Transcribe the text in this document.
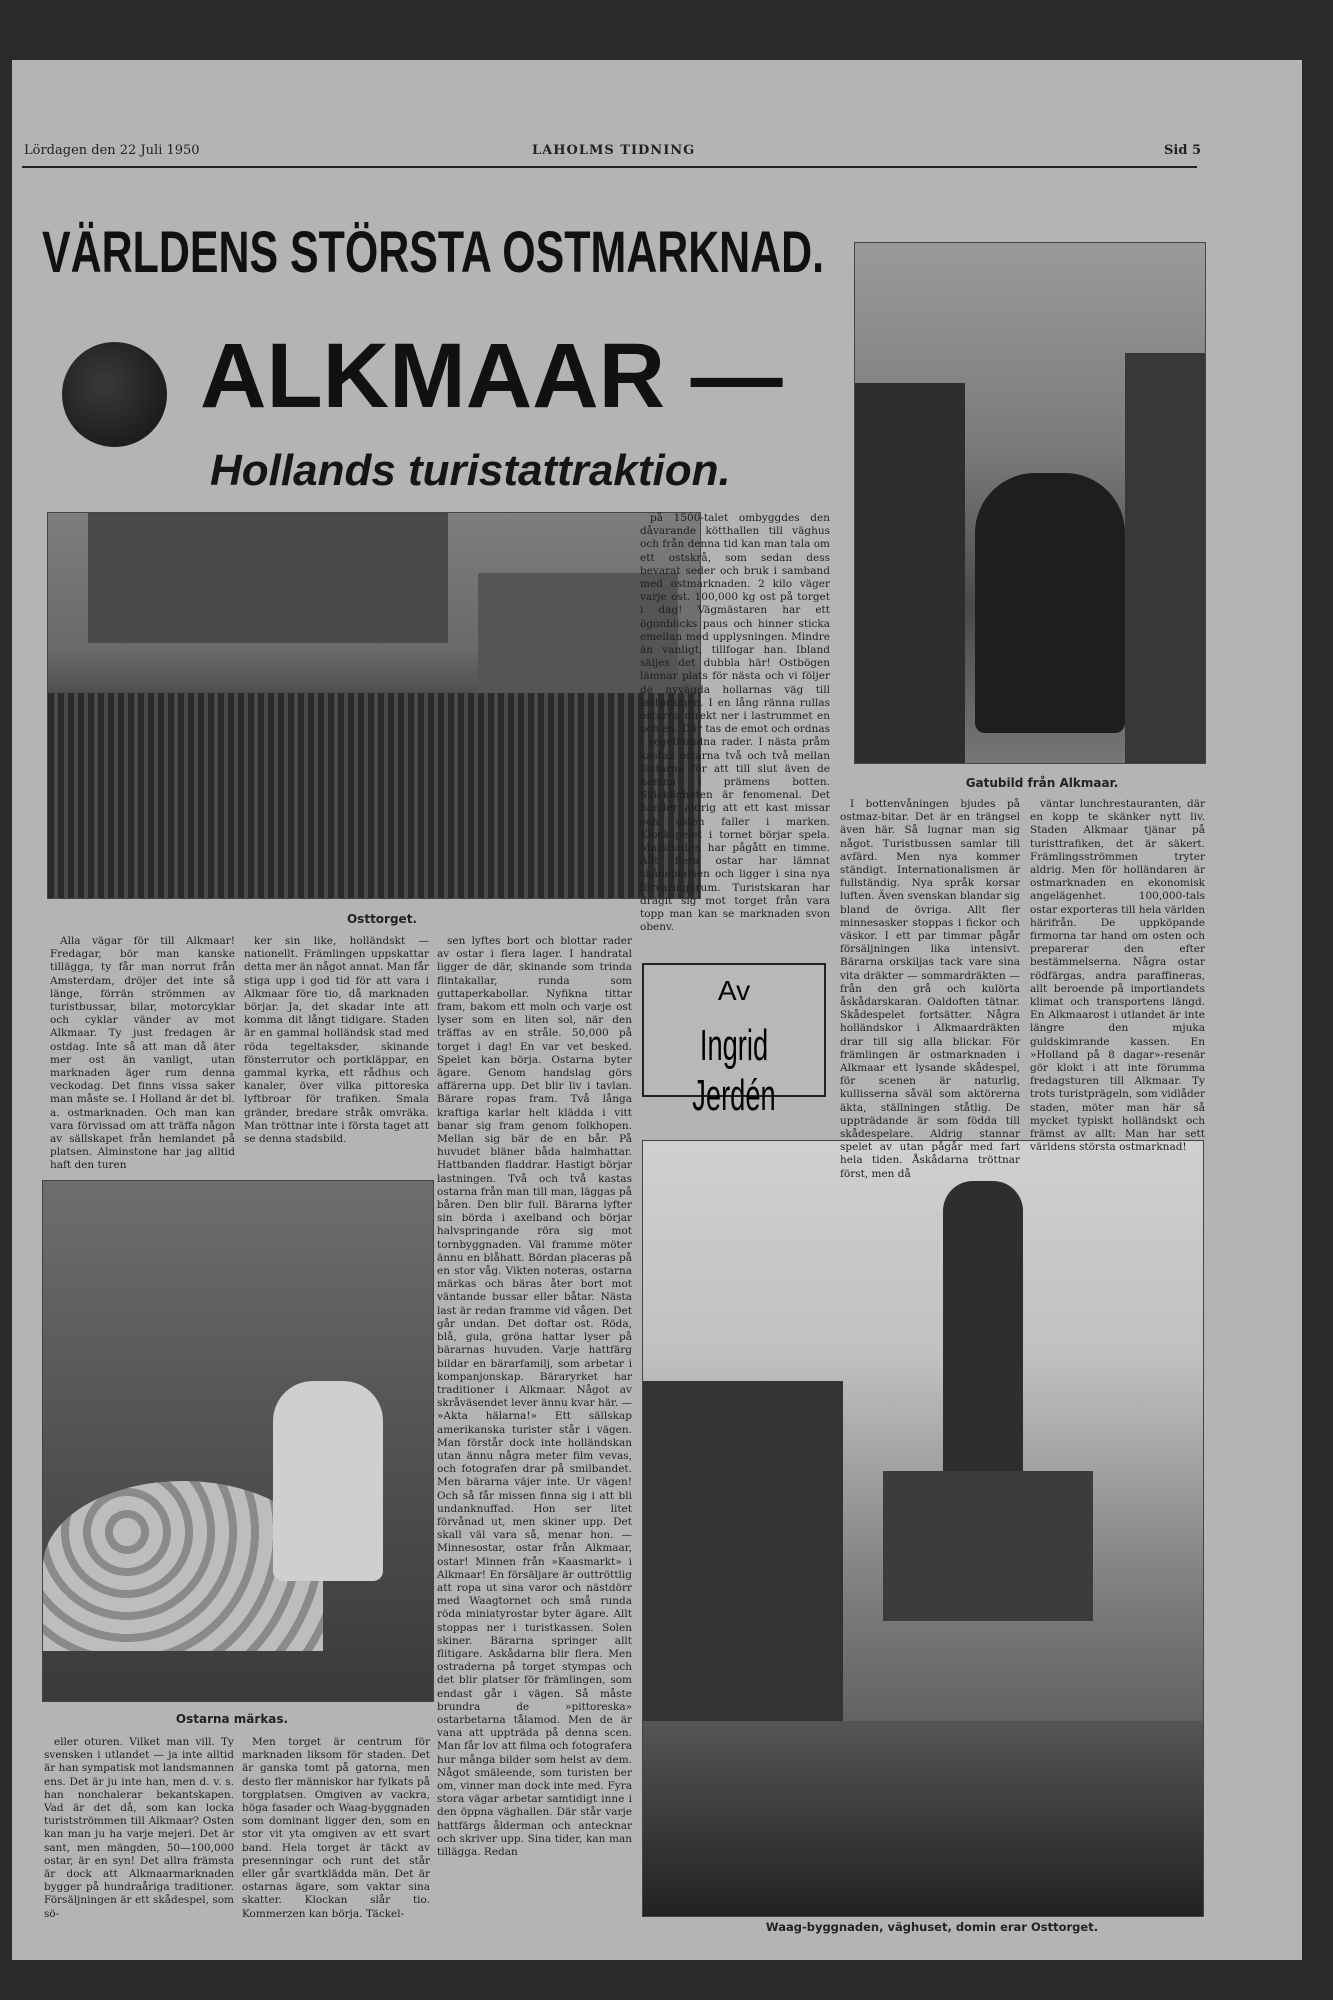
Lördagen den 22 Juli 1950	LAHOLMS TIDNING	Sid 5
VÄRLDENS STÖRSTA OSTMARKNAD.
ALKMAAR —
Hollands turistattraktion.
Osttorget.
Gatubild från Alkmaar.
Av
Ingrid Jerdén
Ostarna märkas.
Waag-byggnaden, väghuset, domin erar Osttorget.

Alla vägar för till Alkmaar! Fredagar, bör man kanske tillägga, ty får man norrut från Amsterdam, dröjer det inte så länge, förrän strömmen av turistbussar, bilar, motorcyklar och cyklar vänder av mot Alkmaar. Ty just fredagen är ostdag. Inte så att man då äter mer ost än vanligt, utan marknaden äger rum denna veckodag. Det finns vissa saker man måste se. I Holland är det bl. a. ostmarknaden. Och man kan vara förvissad om att träffa någon av sällskapet från hemlandet på platsen. Alminstone har jag alltid haft den turen

ker sin like, holländskt — nationellt. Främlingen uppskattar detta mer än något annat. Man får stiga upp i god tid för att vara i Alkmaar före tio, då marknaden börjar. Ja, det skadar inte att komma dit långt tidigare. Staden är en gammal holländsk stad med röda tegeltaksder, skinande fönsterrutor och portkläppar, en gammal kyrka, ett rådhus och kanaler, över vilka pittoreska lyftbroar för trafiken. Smala gränder, bredare stråk omvräka. Man tröttnar inte i första taget att se denna stadsbild.

sen lyftes bort och blottar rader av ostar i flera lager. I handratal ligger de där, skinande som trinda flintakallar, runda som guttaperkabollar. Nyfikna tittar fram, bakom ett moln och varje ost lyser som en liten sol, när den träffas av en stråle. 50,000 på torget i dag! En var vet besked. Spelet kan börja. Ostarna byter ägare. Genom handslag görs affärerna upp. Det blir liv i tavlan. Bärare ropas fram. Två långa kraftiga karlar helt klädda i vitt banar sig fram genom folkhopen. Mellan sig bär de en bår. På huvudet bläner båda halmhattar. Hattbanden fladdrar. Hastigt börjar lastningen. Två och två kastas ostarna från man till man, läggas på båren. Den blir full. Bärarna lyfter sin börda i axelband och börjar halvspringande röra sig mot tornbyggnaden. Väl framme möter ännu en blåhatt. Bördan placeras på en stor våg. Vikten noteras, ostarna märkas och bäras åter bort mot väntande bussar eller båtar. Nästa last är redan framme vid vågen. Det går undan. Det doftar ost. Röda, blå, gula, gröna hattar lyser på bärarnas huvuden. Varje hattfärg bildar en bärarfamilj, som arbetar i kompanjonskap. Bäraryrket har traditioner i Alkmaar. Något av skråväsendet lever ännu kvar här. — »Akta hälarna!» Ett sällskap amerikanska turister står i vägen. Man förstår dock inte holländskan utan ännu några meter film vevas, och fotografen drar på smilbandet. Men bärarna väjer inte. Ur vägen! Och så får missen finna sig i att bli undanknuffad. Hon ser litet förvånad ut, men skiner upp. Det skall väl vara så, menar hon. — Minnesostar, ostar från Alkmaar, ostar! Minnen från »Kaasmarkt» i Alkmaar! En försäljare är outtröttlig att ropa ut sina varor och nästdörr med Waagtornet och små runda röda miniatyrostar byter ägare. Allt stoppas ner i turistkassen. Solen skiner. Bärarna springer allt flitigare. Askådarna blir flera. Men ostraderna på torget stympas och det blir platser för främlingen, som endast går i vägen. Så måste brundra de »pittoreska» ostarbetarna tålamod. Men de är vana att uppträda på denna scen. Man får lov att filma och fotografera hur många bilder som helst av dem. Något smäleende, som turisten ber om, vinner man dock inte med. Fyra stora vägar arbetar samtidigt inne i den öppna väghallen. Där står varje hattfärgs ålderman och antecknar och skriver upp. Sina tider, kan man tillägga. Redan

på 1500-talet ombyggdes den dåvarande kötthallen till väghus och från denna tid kan man tala om ett ostskrå, som sedan dess bevarat seder och bruk i samband med ostmarknaden. 2 kilo väger varje ost. 100,000 kg ost på torget i dag! Vägmästaren har ett ögonblicks paus och hinner sticka emellan med upplysningen. Mindre än vanligt, tillfogar han. Ibland säljes det dubbla här! Ostbögen lämnar plats för nästa och vi följer de nyvägda hollarnas väg till lastprämen. I en lång ränna rullas ostarna direkt ner i lastrummet en och en. Där tas de emot och ordnas i regelbundna rader. I nästa pråm kastas ostarna två och två mellan fästarna för att till slut även de hamna i prämens botten. Skickligheten är fenomenal. Det händer aldrig att ett kast missar och osten faller i marken. Klockspelet i tornet börjar spela. Marknaden har pågått en timme. Allt flera ostar har lämnat skådeplatsen och ligger i sina nya förvaringarum. Turistskaran har dragit sig mot torget från vara topp man kan se marknaden svon obenv.

I bottenvåningen bjudes på ostmaz-bitar. Det är en trängsel även här. Så lugnar man sig något. Turistbussen samlar till avfärd. Men nya kommer ständigt. Internationalismen är fullständig. Nya språk korsar luften. Även svenskan blandar sig bland de övriga. Allt fler minnesasker stoppas i fickor och väskor. I ett par timmar pågår försäljningen lika intensivt. Bärarna orskiljas tack vare sina vita dräkter — sommardräkten — från den grå och kulörta åskådarskaran. Oaldoften tätnar. Skådespelet fortsätter. Några holländskor i Alkmaardräkten drar till sig alla blickar. För främlingen är ostmarknaden i Alkmaar ett lysande skådespel, för scenen är naturlig, kullisserna såväl som aktörerna äkta, ställningen ståtlig. De uppträdande är som födda till skådespelare. Aldrig stannar spelet av utan pågår med fart hela tiden. Åskådarna tröttnar först, men då

väntar lunchrestauranten, där en kopp te skänker nytt liv. Staden Alkmaar tjänar på turisttrafiken, det är säkert. Främlingsströmmen tryter aldrig. Men för holländaren är ostmarknaden en ekonomisk angelägenhet. 100,000-tals ostar exporteras till hela världen härifrån. De uppköpande firmorna tar hand om osten och preparerar den efter bestämmelserna. Några ostar rödfärgas, andra paraffineras, allt beroende på importlandets klimat och transportens längd. En Alkmaarost i utlandet är inte längre den mjuka guldskimrande kassen. En »Holland på 8 dagar»-resenär gör klokt i att inte förumma fredagsturen till Alkmaar. Ty trots turistprägeln, som vidlåder staden, möter man här så mycket typiskt holländskt och främst av allt: Man har sett världens största ostmarknad!

eller oturen. Vilket man vill. Ty svensken i utlandet — ja inte alltid är han sympatisk mot landsmannen ens. Det är ju inte han, men d. v. s. han nonchalerar bekantskapen. Vad är det då, som kan locka turistströmmen till Alkmaar? Osten kan man ju ha varje mejeri. Det är sant, men mängden, 50—100,000 ostar, är en syn! Det allra främsta är dock att Alkmaarmarknaden bygger på hundraåriga traditioner. Försäljningen är ett skådespel, som sö-

Men torget är centrum för marknaden liksom för staden. Det är ganska tomt på gatorna, men desto fler människor har fylkats på torgplatsen. Omgiven av vackra, höga fasader och Waag-byggnaden som dominant ligger den, som en stor vit yta omgiven av ett svart band. Hela torget är täckt av presenningar och runt det står eller går svartklädda män. Det är ostarnas ägare, som vaktar sina skatter. Klockan slår tio. Kommerzen kan börja. Täckel-
